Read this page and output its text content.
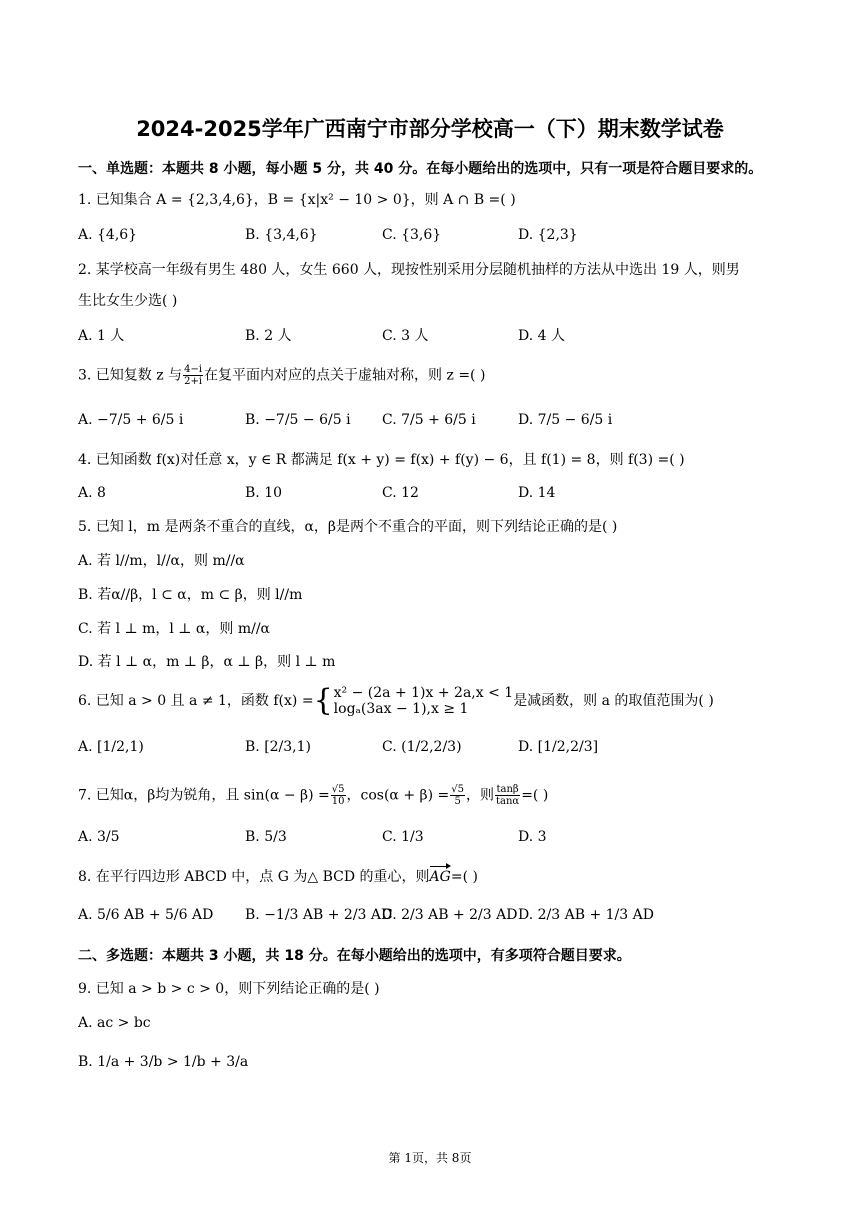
2024-2025学年广西南宁市部分学校高一（下）期末数学试卷
一、单选题：本题共 8 小题，每小题 5 分，共 40 分。在每小题给出的选项中，只有一项是符合题目要求的。
1. 已知集合 A = {2,3,4,6}，B = {x|x² − 10 > 0}，则 A ∩ B =( )
A. {4,6}	B. {3,4,6}	C. {3,6}	D. {2,3}
2. 某学校高一年级有男生 480 人，女生 660 人，现按性别采用分层随机抽样的方法从中选出 19 人，则男
生比女生少选( )
A. 1 人	B. 2 人	C. 3 人	D. 4 人
3. 已知复数 z 与 $\frac{4-i}{2+i}$ 在复平面内对应的点关于虚轴对称，则 z =( )
A. −7/5 + 6/5 i	B. −7/5 − 6/5 i C. 7/5 + 6/5 i	D. 7/5 − 6/5 i
4. 已知函数 f(x)对任意 x，y ∈ R 都满足 f(x + y) = f(x) + f(y) − 6，且 f(1) = 8，则 f(3) =( )
A. 8	B. 10	C. 12	D. 14
5. 已知 l，m 是两条不重合的直线，α，β是两个不重合的平面，则下列结论正确的是( )
A. 若 l//m，l//α，则 m//α
B. 若α//β，l ⊂ α，m ⊂ β，则 l//m
C. 若 l ⊥ m，l ⊥ α，则 m//α
D. 若 l ⊥ α，m ⊥ β，α ⊥ β，则 l ⊥ m
6. 已知 a > 0 且 a ≠ 1，函数 f(x) ={ x² − (2a + 1)x + 2a,x < 1
logₐ(3ax − 1),x ≥ 1	是减函数，则 a 的取值范围为( )
A. [1/2,1)	B. [2/3,1)	C. (1/2,2/3)	D. [1/2,2/3]
7. 已知α，β均为锐角，且 $\sin(\alpha - \beta) = \frac{√5}{10}$ ，$\cos(\alpha + \beta) = \frac{√5}{5}$ ，则 $\frac{\tan\beta}{\tan\alpha}$ =( )
A. 3/5	B. 5/3	C. 1/3	D. 3
8. 在平行四边形 ABCD 中，点 G 为△ BCD 的重心，则AG=( )
A. 5/6 AB + 5/6 AD B. −1/3 AB + 2/3 AD
C. 2/3 AB + 2/3 AD D. 2/3 AB + 1/3 AD
二、多选题：本题共 3 小题，共 18 分。在每小题给出的选项中，有多项符合题目要求。
9. 已知 a > b > c > 0，则下列结论正确的是( )
A. ac > bc
B. 1/a + 3/b > 1/b + 3/a
第 1页，共 8页
